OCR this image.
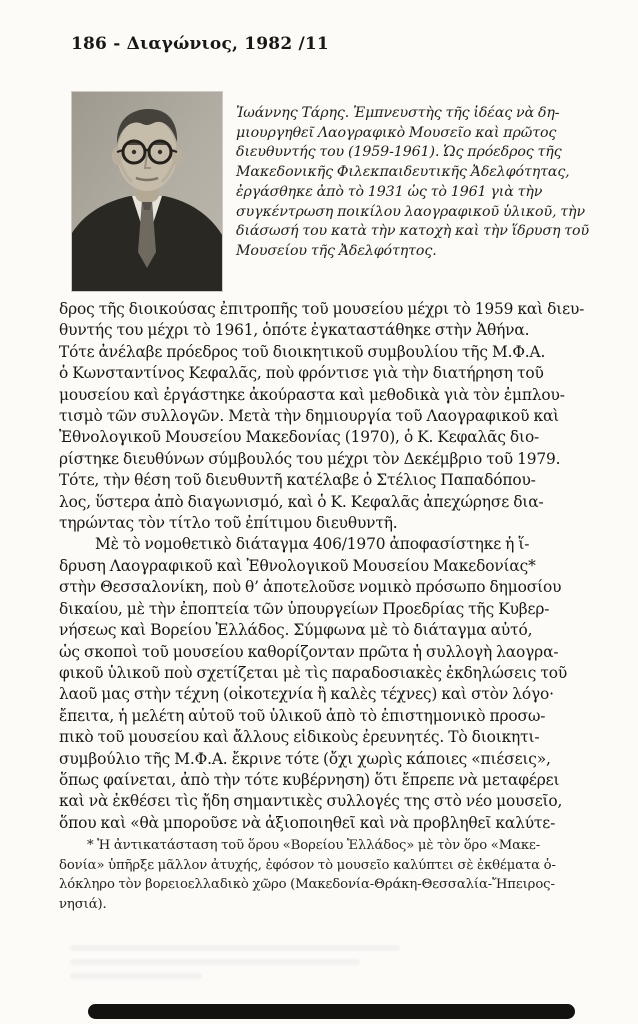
186 - Διαγώνιος, 1982 /11
Ἰωάννης Τάρης. Ἐμπνευστὴς τῆς ἰδέας νὰ δη-
μιουργηθεῖ Λαογραφικὸ Μουσεῖο καὶ πρῶτος
διευθυντής του (1959-1961). Ὡς πρόεδρος τῆς
Μακεδονικῆς Φιλεκπαιδευτικῆς Ἀδελφότητας,
ἐργάσθηκε ἀπὸ τὸ 1931 ὡς τὸ 1961 γιὰ τὴν
συγκέντρωση ποικίλου λαογραφικοῦ ὑλικοῦ, τὴν
διάσωσή του κατὰ τὴν κατοχὴ καὶ τὴν ἵδρυση τοῦ
Μουσείου τῆς Ἀδελφότητος.
δρος τῆς διοικούσας ἐπιτροπῆς τοῦ μουσείου μέχρι τὸ 1959 καὶ διευ-
θυντής του μέχρι τὸ 1961, ὁπότε ἐγκαταστάθηκε στὴν Ἀθήνα.
Τότε ἀνέλαβε πρόεδρος τοῦ διοικητικοῦ συμβουλίου τῆς Μ.Φ.Α.
ὁ Κωνσταντίνος Κεφαλᾶς, ποὺ φρόντισε γιὰ τὴν διατήρηση τοῦ
μουσείου καὶ ἐργάστηκε ἀκούραστα καὶ μεθοδικὰ γιὰ τὸν ἐμπλου-
τισμὸ τῶν συλλογῶν. Μετὰ τὴν δημιουργία τοῦ Λαογραφικοῦ καὶ
Ἐθνολογικοῦ Μουσείου Μακεδονίας (1970), ὁ Κ. Κεφαλᾶς διο-
ρίστηκε διευθύνων σύμβουλός του μέχρι τὸν Δεκέμβριο τοῦ 1979.
Τότε, τὴν θέση τοῦ διευθυντῆ κατέλαβε ὁ Στέλιος Παπαδόπου-
λος, ὕστερα ἀπὸ διαγωνισμό, καὶ ὁ Κ. Κεφαλᾶς ἀπεχώρησε δια-
τηρώντας τὸν τίτλο τοῦ ἐπίτιμου διευθυντῆ.
Μὲ τὸ νομοθετικὸ διάταγμα 406/1970 ἀποφασίστηκε ἡ ἵ-
δρυση Λαογραφικοῦ καὶ Ἐθνολογικοῦ Μουσείου Μακεδονίας*
στὴν Θεσσαλονίκη, ποὺ θ’ ἀποτελοῦσε νομικὸ πρόσωπο δημοσίου
δικαίου, μὲ τὴν ἐποπτεία τῶν ὑπουργείων Προεδρίας τῆς Κυβερ-
νήσεως καὶ Βορείου Ἑλλάδος. Σύμφωνα μὲ τὸ διάταγμα αὐτό,
ὡς σκοποὶ τοῦ μουσείου καθορίζονταν πρῶτα ἡ συλλογὴ λαογρα-
φικοῦ ὑλικοῦ ποὺ σχετίζεται μὲ τὶς παραδοσιακὲς ἐκδηλώσεις τοῦ
λαοῦ μας στὴν τέχνη (οἰκοτεχνία ἢ καλὲς τέχνες) καὶ στὸν λόγο·
ἔπειτα, ἡ μελέτη αὐτοῦ τοῦ ὑλικοῦ ἀπὸ τὸ ἐπιστημονικὸ προσω-
πικὸ τοῦ μουσείου καὶ ἄλλους εἰδικοὺς ἐρευνητές. Τὸ διοικητι-
συμβούλιο τῆς Μ.Φ.Α. ἔκρινε τότε (ὄχι χωρὶς κάποιες «πιέσεις»,
ὅπως φαίνεται, ἀπὸ τὴν τότε κυβέρνηση) ὅτι ἔπρεπε νὰ μεταφέρει
καὶ νὰ ἐκθέσει τὶς ἤδη σημαντικὲς συλλογές της στὸ νέο μουσεῖο,
ὅπου καὶ «θὰ μποροῦσε νὰ ἀξιοποιηθεῖ καὶ νὰ προβληθεῖ καλύτε-
* Ἡ ἀντικατάσταση τοῦ ὅρου «Βορείου Ἑλλάδος» μὲ τὸν ὅρο «Μακε-
δονία» ὑπῆρξε μᾶλλον ἀτυχής, ἐφόσον τὸ μουσεῖο καλύπτει σὲ ἐκθέματα ὁ-
λόκληρο τὸν βορειοελλαδικὸ χῶρο (Μακεδονία-Θράκη-Θεσσαλία-Ἤπειρος-
νησιά).
